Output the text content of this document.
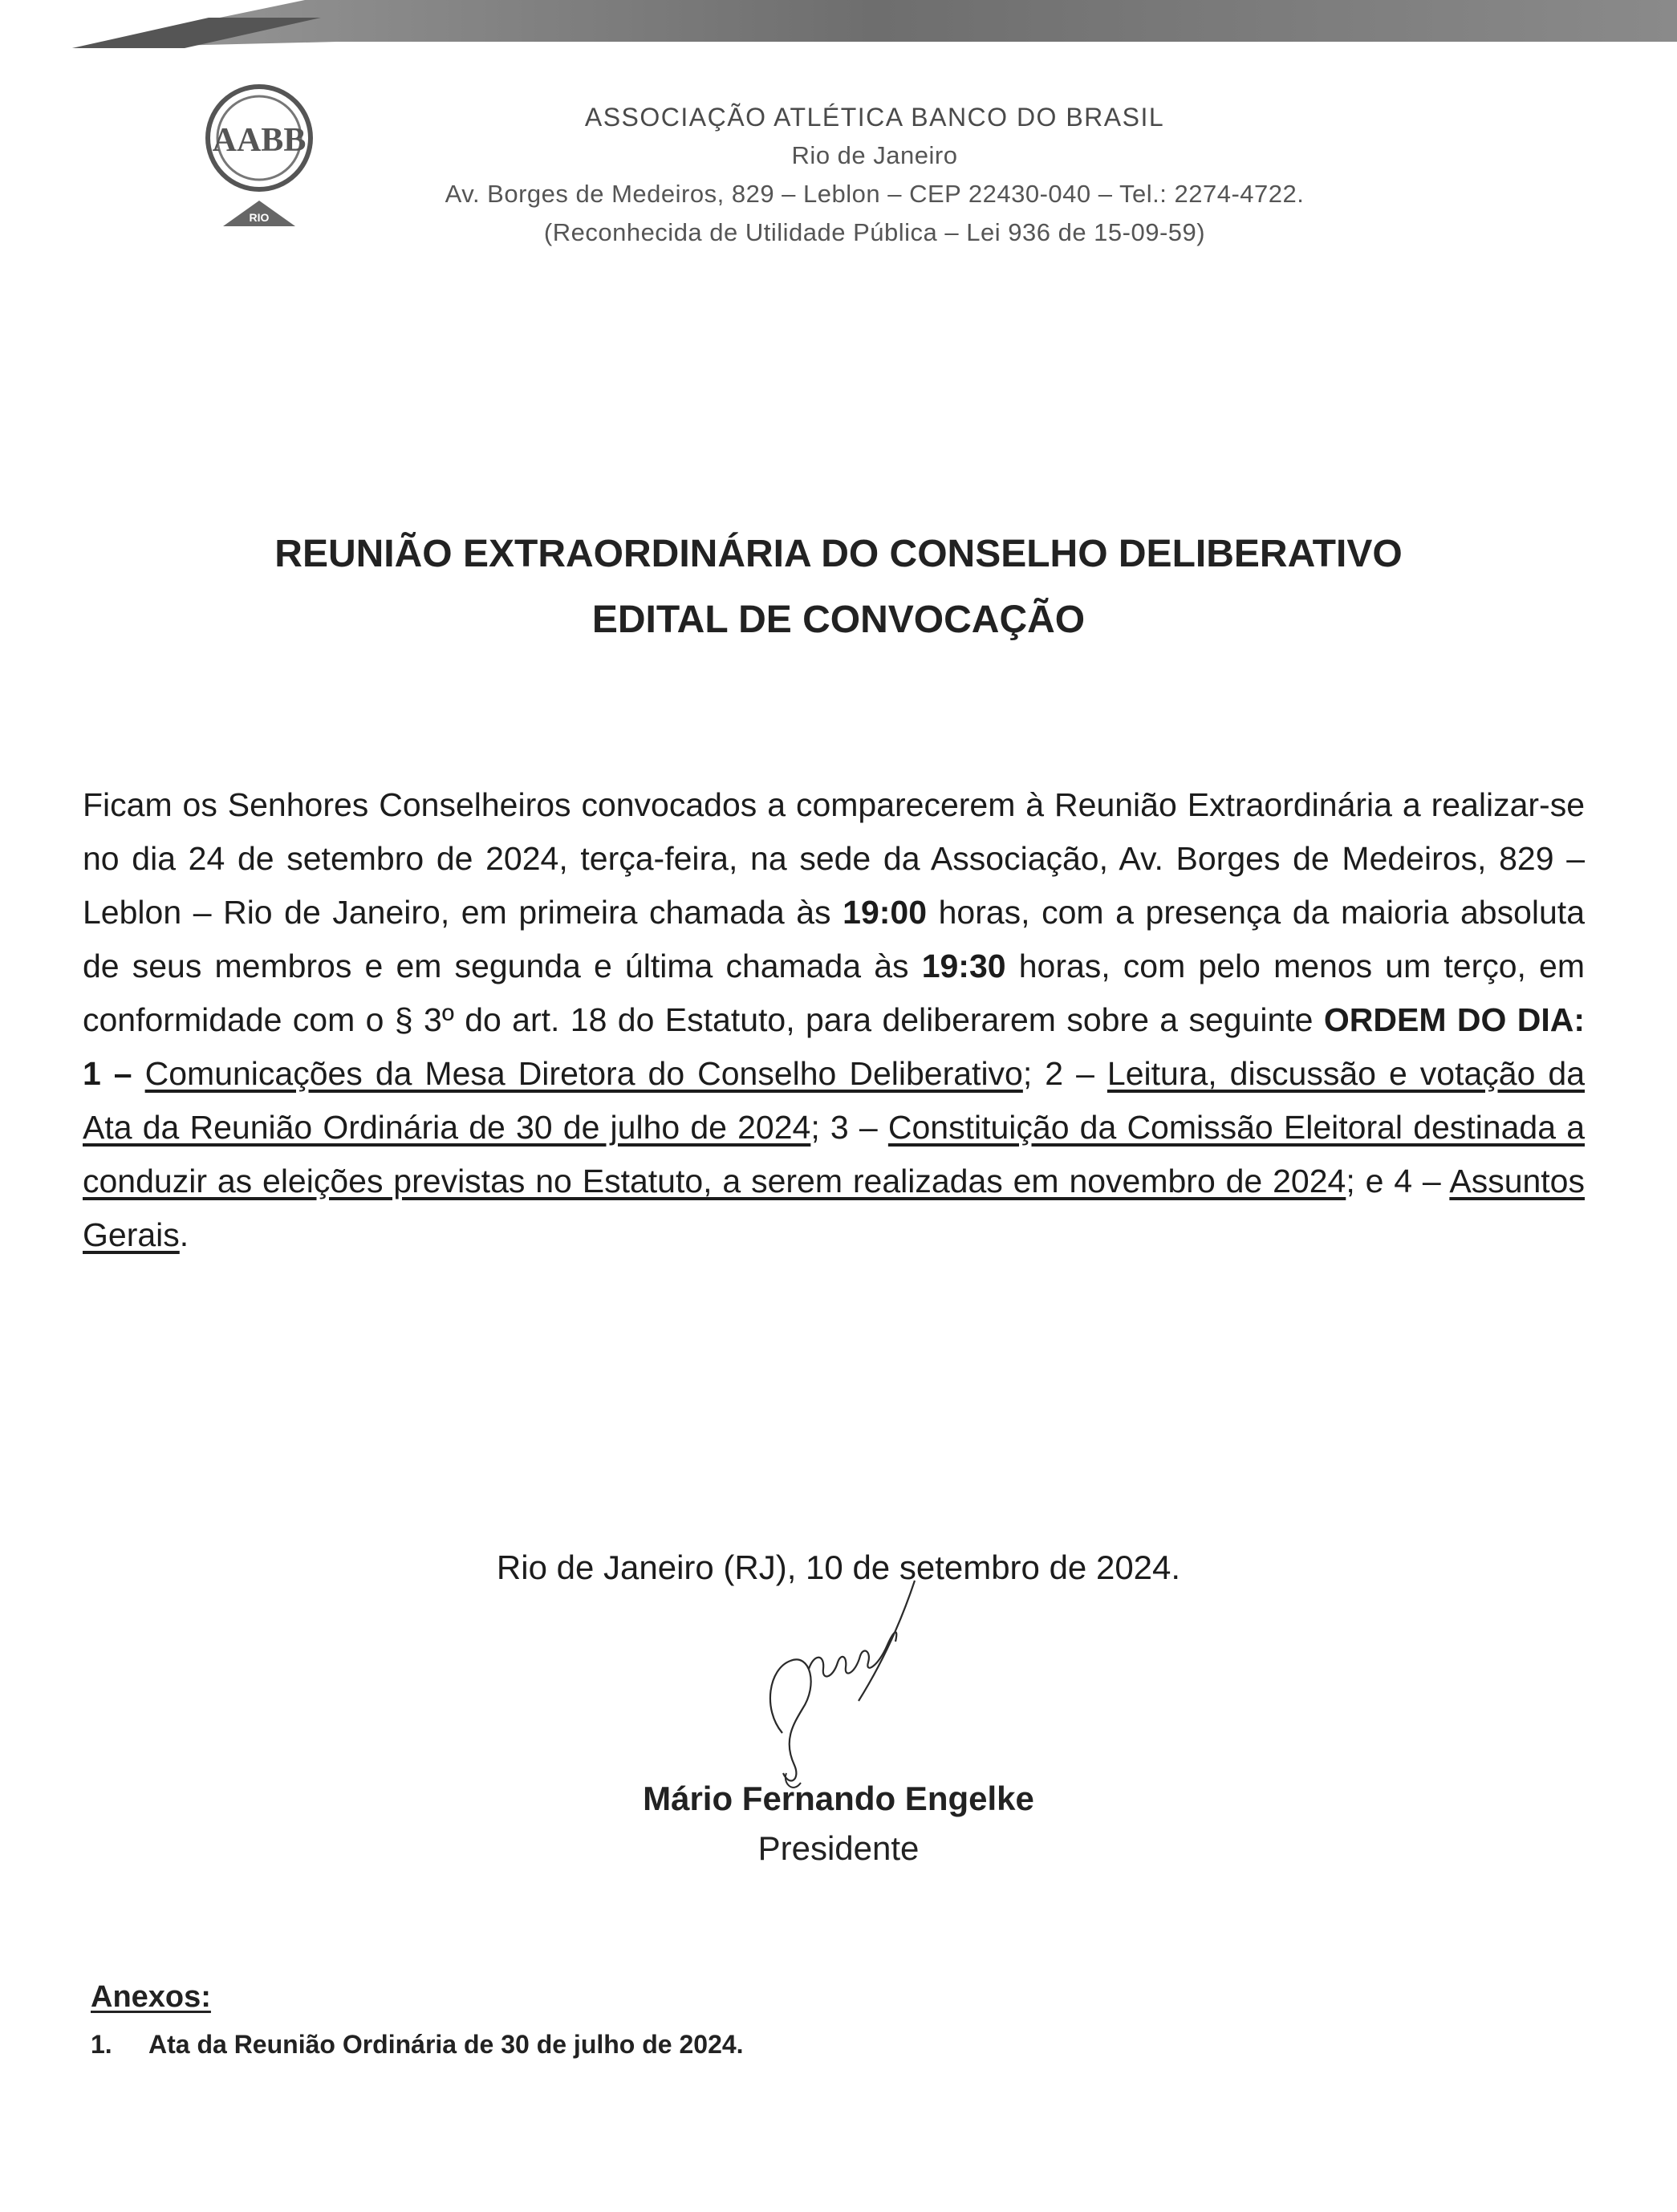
AABB
RIO
ASSOCIAÇÃO ATLÉTICA BANCO DO BRASIL
Rio de Janeiro
Av. Borges de Medeiros, 829 – Leblon – CEP 22430-040 – Tel.: 2274-4722.
(Reconhecida de Utilidade Pública – Lei 936 de 15-09-59)
REUNIÃO EXTRAORDINÁRIA DO CONSELHO DELIBERATIVO
EDITAL DE CONVOCAÇÃO
Ficam os Senhores Conselheiros convocados a comparecerem à Reunião Extraordinária a realizar-se no dia 24 de setembro de 2024, terça-feira, na sede da Associação, Av. Borges de Medeiros, 829 – Leblon – Rio de Janeiro, em primeira chamada às 19:00 horas, com a presença da maioria absoluta de seus membros e em segunda e última chamada às 19:30 horas, com pelo menos um terço, em conformidade com o § 3º do art. 18 do Estatuto, para deliberarem sobre a seguinte ORDEM DO DIA: 1 – Comunicações da Mesa Diretora do Conselho Deliberativo; 2 – Leitura, discussão e votação da Ata da Reunião Ordinária de 30 de julho de 2024; 3 – Constituição da Comissão Eleitoral destinada a conduzir as eleições previstas no Estatuto, a serem realizadas em novembro de 2024; e 4 – Assuntos Gerais.
Rio de Janeiro (RJ), 10 de setembro de 2024.
Mário Fernando Engelke
Presidente
Anexos:
1. Ata da Reunião Ordinária de 30 de julho de 2024.
